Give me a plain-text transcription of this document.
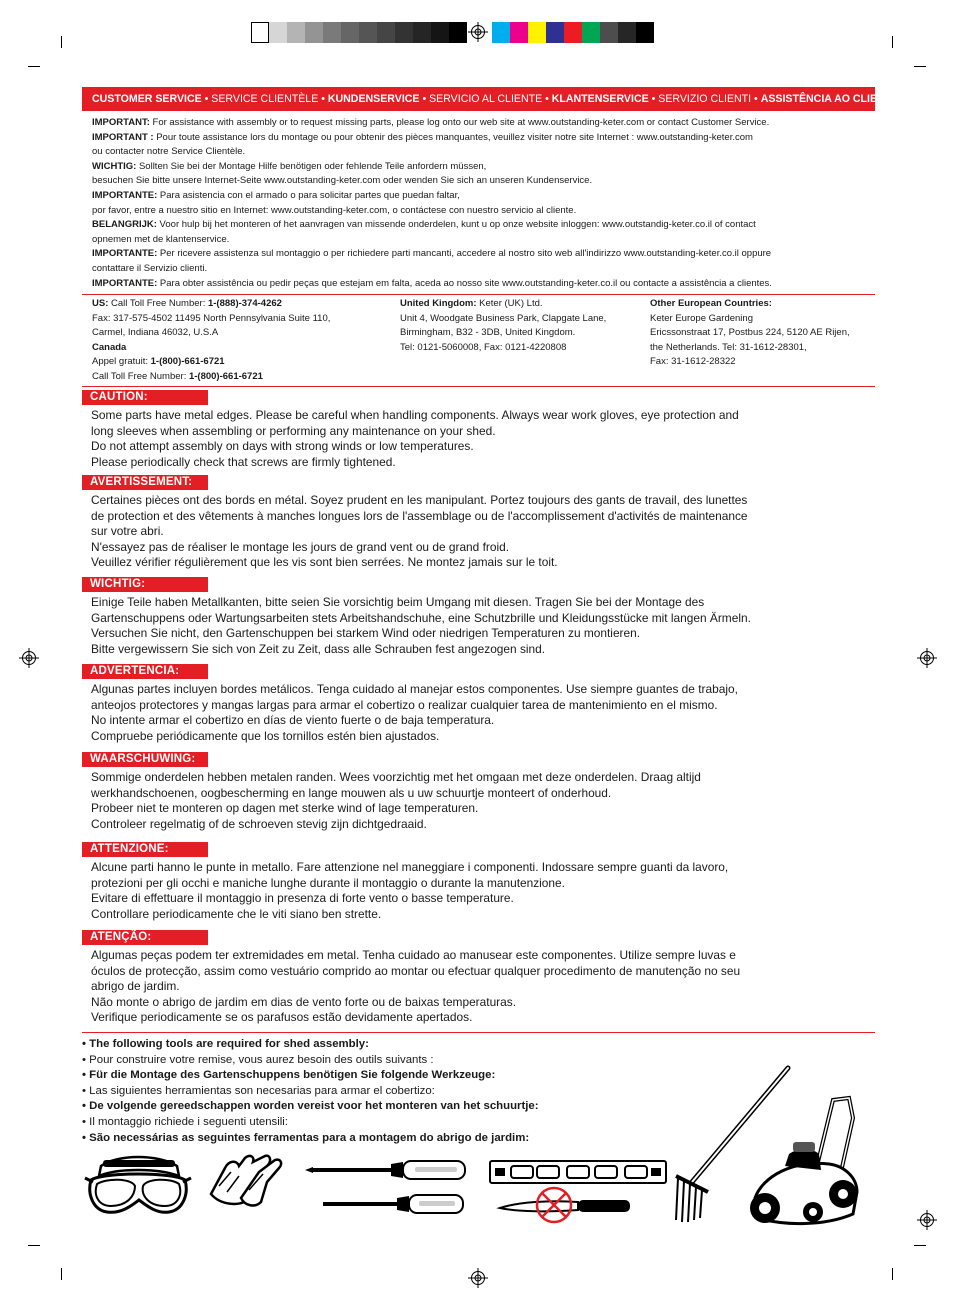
CUSTOMER SERVICE • SERVICE CLIENTÈLE • KUNDENSERVICE • SERVICIO AL CLIENTE • KLANTENSERVICE • SERVIZIO CLIENTI • ASSISTÊNCIA AO CLIENTE

IMPORTANT: For assistance with assembly or to request missing parts, please log onto our web site at www.outstanding-keter.com or contact Customer Service.

IMPORTANT : Pour toute assistance lors du montage ou pour obtenir des pièces manquantes, veuillez visiter notre site Internet : www.outstanding-keter.com

ou contacter notre Service Clientèle.

WICHTIG: Sollten Sie bei der Montage Hilfe benötigen oder fehlende Teile anfordern müssen,

besuchen Sie bitte unsere Internet-Seite www.outstanding-keter.com oder wenden Sie sich an unseren Kundenservice.

IMPORTANTE: Para asistencia con el armado o para solicitar partes que puedan faltar,

por favor, entre a nuestro sitio en Internet: www.outstanding-keter.com, o contáctese con nuestro servicio al cliente.

BELANGRIJK: Voor hulp bij het monteren of het aanvragen van missende onderdelen, kunt u op onze website inloggen: www.outstandig-keter.co.il of contact

opnemen met de klantenservice.

IMPORTANTE: Per ricevere assistenza sul montaggio o per richiedere parti mancanti, accedere al nostro sito web all'indirizzo www.outstanding-keter.co.il oppure

contattare il Servizio clienti.

IMPORTANTE: Para obter assistência ou pedir peças que estejam em falta, aceda ao nosso site www.outstanding-keter.co.il ou contacte a assistência a clientes.

US: Call Toll Free Number: 1-(888)-374-4262

Fax: 317-575-4502 11495 North Pennsylvania Suite 110,

Carmel, Indiana 46032, U.S.A

Canada

Appel gratuit: 1-(800)-661-6721

Call Toll Free Number: 1-(800)-661-6721

United Kingdom: Keter (UK) Ltd.

Unit 4, Woodgate Business Park, Clapgate Lane,

Birmingham, B32 - 3DB, United Kingdom.

Tel: 0121-5060008, Fax: 0121-4220808

Other European Countries:

Keter Europe Gardening

Ericssonstraat 17, Postbus 224, 5120 AE Rijen,

the Netherlands. Tel: 31-1612-28301,

Fax: 31-1612-28322

CAUTION:

Some parts have metal edges. Please be careful when handling components. Always wear work gloves, eye protection and

long sleeves when assembling or performing any maintenance on your shed.

Do not attempt assembly on days with strong winds or low temperatures.

Please periodically check that screws are firmly tightened.

AVERTISSEMENT:

Certaines pièces ont des bords en métal. Soyez prudent en les manipulant. Portez toujours des gants de travail, des lunettes

de protection et des vêtements à manches longues lors de l'assemblage ou de l'accomplissement d'activités de maintenance

sur votre abri.

N'essayez pas de réaliser le montage les jours de grand vent ou de grand froid.

Veuillez vérifier régulièrement que les vis sont bien serrées. Ne montez jamais sur le toit.

WICHTIG:

Einige Teile haben Metallkanten, bitte seien Sie vorsichtig beim Umgang mit diesen. Tragen Sie bei der Montage des

Gartenschuppens oder Wartungsarbeiten stets Arbeitshandschuhe, eine Schutzbrille und Kleidungsstücke mit langen Ärmeln.

Versuchen Sie nicht, den Gartenschuppen bei starkem Wind oder niedrigen Temperaturen zu montieren.

Bitte vergewissern Sie sich von Zeit zu Zeit, dass alle Schrauben fest angezogen sind.

ADVERTENCIA:

Algunas partes incluyen bordes metálicos. Tenga cuidado al manejar estos componentes. Use siempre guantes de trabajo,

anteojos protectores y mangas largas para armar el cobertizo o realizar cualquier tarea de mantenimiento en el mismo.

No intente armar el cobertizo en días de viento fuerte o de baja temperatura.

Compruebe periódicamente que los tornillos estén bien ajustados.

WAARSCHUWING:

Sommige onderdelen hebben metalen randen. Wees voorzichtig met het omgaan met deze onderdelen. Draag altijd

werkhandschoenen, oogbescherming en lange mouwen als u uw schuurtje monteert of onderhoud.

Probeer niet te monteren op dagen met sterke wind of lage temperaturen.

Controleer regelmatig of de schroeven stevig zijn dichtgedraaid.

ATTENZIONE:

Alcune parti hanno le punte in metallo. Fare attenzione nel maneggiare i componenti. Indossare sempre guanti da lavoro,

protezioni per gli occhi e maniche lunghe durante il montaggio o durante la manutenzione.

Evitare di effettuare il montaggio in presenza di forte vento o basse temperature.

Controllare periodicamente che le viti siano ben strette.

ATENÇÃO:

Algumas peças podem ter extremidades em metal. Tenha cuidado ao manusear este componentes. Utilize sempre luvas e

óculos de protecção, assim como vestuário comprido ao montar ou efectuar qualquer procedimento de manutenção no seu

abrigo de jardim.

Não monte o abrigo de jardim em dias de vento forte ou de baixas temperaturas.

Verifique periodicamente se os parafusos estão devidamente apertados.

• The following tools are required for shed assembly:

• Pour construire votre remise, vous aurez besoin des outils suivants :

• Für die Montage des Gartenschuppens benötigen Sie folgende Werkzeuge:

• Las siguientes herramientas son necesarias para armar el cobertizo:

• De volgende gereedschappen worden vereist voor het monteren van het schuurtje:

• Il montaggio richiede i seguenti utensili:

• São necessárias as seguintes ferramentas para a montagem do abrigo de jardim:
